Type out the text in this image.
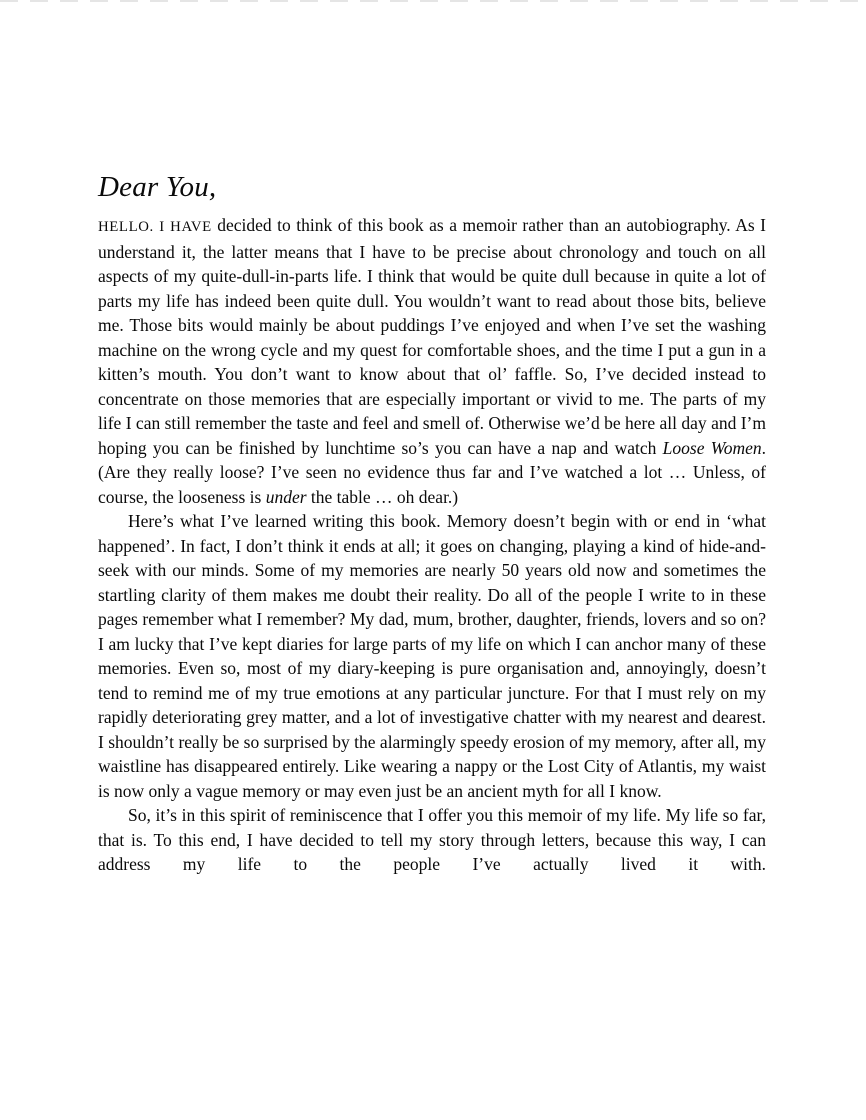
Dear You,

HELLO. I HAVE decided to think of this book as a memoir rather than an autobiography. As I understand it, the latter means that I have to be precise about chronology and touch on all aspects of my quite-dull-in-parts life. I think that would be quite dull because in quite a lot of parts my life has indeed been quite dull. You wouldn’t want to read about those bits, believe me. Those bits would mainly be about puddings I’ve enjoyed and when I’ve set the washing machine on the wrong cycle and my quest for comfortable shoes, and the time I put a gun in a kitten’s mouth. You don’t want to know about that ol’ faffle. So, I’ve decided instead to concentrate on those memories that are especially important or vivid to me. The parts of my life I can still remember the taste and feel and smell of. Otherwise we’d be here all day and I’m hoping you can be finished by lunchtime so’s you can have a nap and watch Loose Women. (Are they really loose? I’ve seen no evidence thus far and I’ve watched a lot … Unless, of course, the looseness is under the table … oh dear.)

Here’s what I’ve learned writing this book. Memory doesn’t begin with or end in ‘what happened’. In fact, I don’t think it ends at all; it goes on changing, playing a kind of hide-and-seek with our minds. Some of my memories are nearly 50 years old now and sometimes the startling clarity of them makes me doubt their reality. Do all of the people I write to in these pages remember what I remember? My dad, mum, brother, daughter, friends, lovers and so on? I am lucky that I’ve kept diaries for large parts of my life on which I can anchor many of these memories. Even so, most of my diary-keeping is pure organisation and, annoyingly, doesn’t tend to remind me of my true emotions at any particular juncture. For that I must rely on my rapidly deteriorating grey matter, and a lot of investigative chatter with my nearest and dearest. I shouldn’t really be so surprised by the alarmingly speedy erosion of my memory, after all, my waistline has disappeared entirely. Like wearing a nappy or the Lost City of Atlantis, my waist is now only a vague memory or may even just be an ancient myth for all I know.

So, it’s in this spirit of reminiscence that I offer you this memoir of my life. My life so far, that is. To this end, I have decided to tell my story through letters, because this way, I can address my life to the people I’ve actually lived it with.
